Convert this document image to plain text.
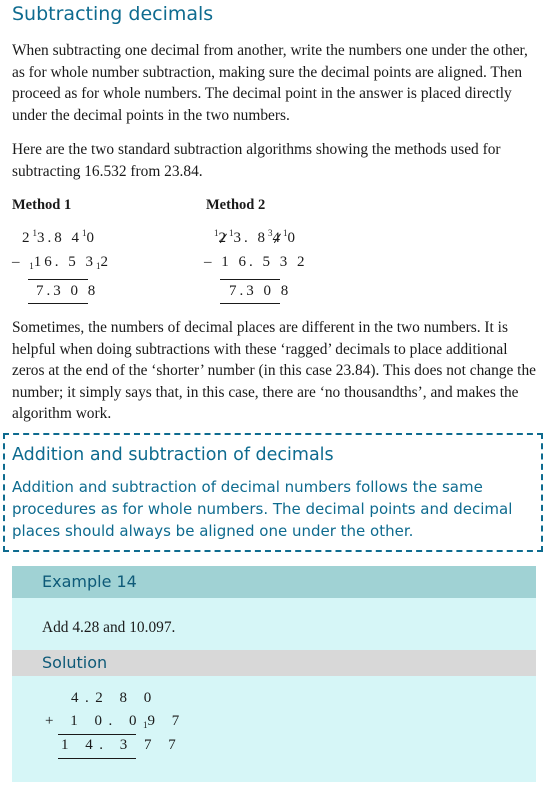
Subtracting decimals

When subtracting one decimal from another, write the numbers one under the other, as for whole number subtraction, making sure the decimal points are aligned. Then proceed as for whole numbers. The decimal point in the answer is placed directly under the decimal points in the two numbers.

Here are the two standard subtraction algorithms showing the methods used for subtracting 16.532 from 23.84.

Method 1
$2^13.8$ $4^10$
– $_1$16. 5 $3_12$
7.3 0 8
Method 2
$^12^13$. $8^34^10$
– 1 6. 5 3 2
7.3 0 8

Sometimes, the numbers of decimal places are different in the two numbers. It is helpful when doing subtractions with these ‘ragged’ decimals to place additional zeros at the end of the ‘shorter’ number (in this case 23.84). This does not change the number; it simply says that, in this case, there are ‘no thousandths’, and makes the algorithm work.

Addition and subtraction of decimals

Addition and subtraction of decimal numbers follows the same procedures as for whole numbers. The decimal points and decimal places should always be aligned one under the other.

Example 14
Add 4.28 and 10.097.
Solution
4.2 8 0
+ 1 0. $0_19$ 7
1 4. 3 7 7
